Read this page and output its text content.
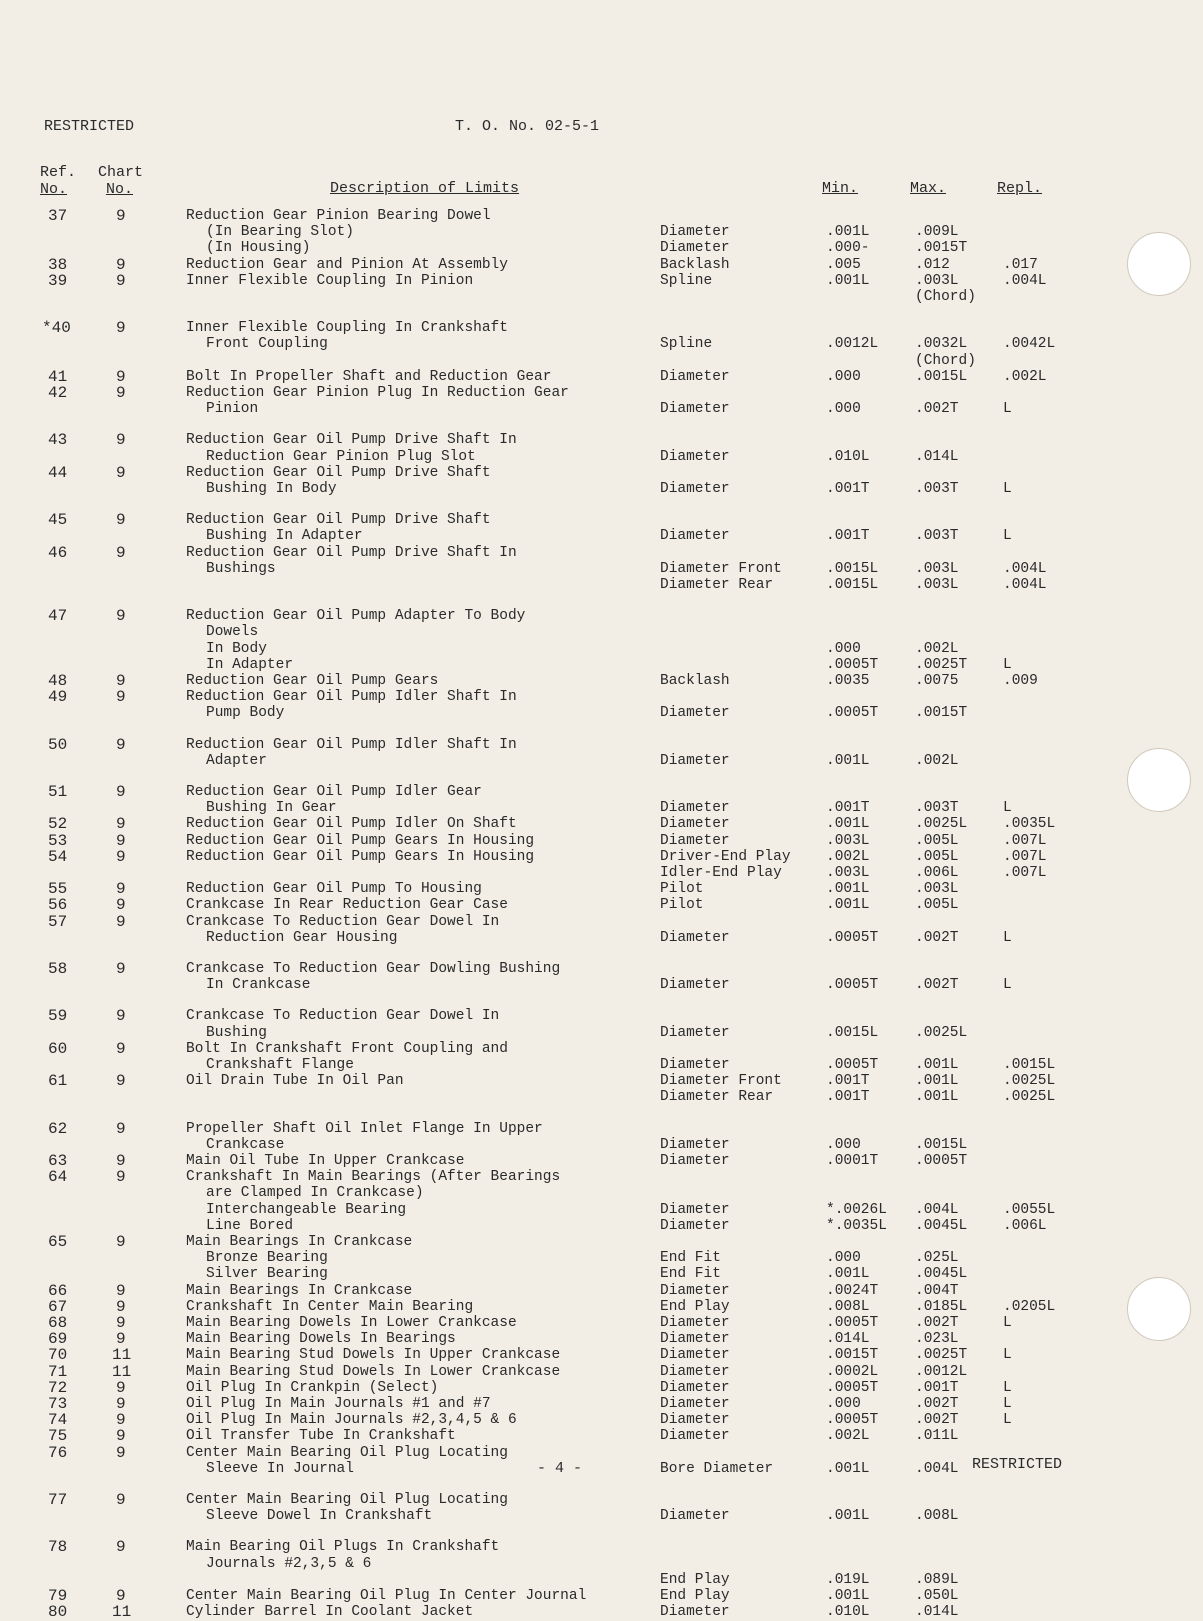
RESTRICTED	T. O. No. 02-5-1
Ref.
No.
Chart
No.	Description of Limits	Min.	Max.	Repl.
37	9	Reduction Gear Pinion Bearing Dowel
(In Bearing Slot)	Diameter	.001L	.009L
(In Housing)	Diameter	.000-	.0015T
38	9	Reduction Gear and Pinion At Assembly	Backlash	.005	.012	.017
39	9	Inner Flexible Coupling In Pinion	Spline	.001L	.003L	.004L
(Chord)
*40	9	Inner Flexible Coupling In Crankshaft
Front Coupling	Spline	.0012L	.0032L .0042L
(Chord)
41	9	Bolt In Propeller Shaft and Reduction Gear	Diameter	.000	.0015L .002L
42	9	Reduction Gear Pinion Plug In Reduction Gear
Pinion	Diameter	.000	.002T	L
43	9	Reduction Gear Oil Pump Drive Shaft In
Reduction Gear Pinion Plug Slot	Diameter	.010L	.014L
44	9	Reduction Gear Oil Pump Drive Shaft
Bushing In Body	Diameter	.001T	.003T	L
45	9	Reduction Gear Oil Pump Drive Shaft
Bushing In Adapter	Diameter	.001T	.003T	L
46	9	Reduction Gear Oil Pump Drive Shaft In
Bushings	Diameter Front	.0015L	.003L	.004L
Diameter Rear	.0015L	.003L	.004L
47	9	Reduction Gear Oil Pump Adapter To Body
Dowels
In Body	.000	.002L
In Adapter	.0005T	.0025T L
48	9	Reduction Gear Oil Pump Gears	Backlash	.0035	.0075	.009
49	9	Reduction Gear Oil Pump Idler Shaft In
Pump Body	Diameter	.0005T	.0015T
50	9	Reduction Gear Oil Pump Idler Shaft In
Adapter	Diameter	.001L	.002L
51	9	Reduction Gear Oil Pump Idler Gear
Bushing In Gear	Diameter	.001T	.003T	L
52	9	Reduction Gear Oil Pump Idler On Shaft	Diameter	.001L	.0025L .0035L
53	9	Reduction Gear Oil Pump Gears In Housing	Diameter	.003L	.005L	.007L
54	9	Reduction Gear Oil Pump Gears In Housing	Driver-End Play .002L	.005L	.007L
Idler-End Play	.003L	.006L	.007L
55	9	Reduction Gear Oil Pump To Housing	Pilot	.001L	.003L
56	9	Crankcase In Rear Reduction Gear Case	Pilot	.001L	.005L
57	9	Crankcase To Reduction Gear Dowel In
Reduction Gear Housing	Diameter	.0005T	.002T	L
58	9	Crankcase To Reduction Gear Dowling Bushing
In Crankcase	Diameter	.0005T	.002T	L
59	9	Crankcase To Reduction Gear Dowel In
Bushing	Diameter	.0015L	.0025L
60	9	Bolt In Crankshaft Front Coupling and
Crankshaft Flange	Diameter	.0005T	.001L	.0015L
61	9	Oil Drain Tube In Oil Pan	Diameter Front	.001T	.001L	.0025L
Diameter Rear	.001T	.001L	.0025L
62	9	Propeller Shaft Oil Inlet Flange In Upper
Crankcase	Diameter	.000	.0015L
63	9	Main Oil Tube In Upper Crankcase	Diameter	.0001T	.0005T
64	9	Crankshaft In Main Bearings (After Bearings
are Clamped In Crankcase)
Interchangeable Bearing	Diameter	*.0026L .004L	.0055L
Line Bored	Diameter	*.0035L .0045L .006L
65	9	Main Bearings In Crankcase
Bronze Bearing	End Fit	.000	.025L
Silver Bearing	End Fit	.001L	.0045L
66	9	Main Bearings In Crankcase	Diameter	.0024T	.004T
67	9	Crankshaft In Center Main Bearing	End Play	.008L	.0185L .0205L
68	9	Main Bearing Dowels In Lower Crankcase	Diameter	.0005T	.002T	L
69	9	Main Bearing Dowels In Bearings	Diameter	.014L	.023L
70	11	Main Bearing Stud Dowels In Upper Crankcase	Diameter	.0015T	.0025T L
71	11	Main Bearing Stud Dowels In Lower Crankcase	Diameter	.0002L	.0012L
72	9	Oil Plug In Crankpin (Select)	Diameter	.0005T	.001T	L
73	9	Oil Plug In Main Journals #1 and #7	Diameter	.000	.002T	L
74	9	Oil Plug In Main Journals #2,3,4,5 & 6	Diameter	.0005T	.002T	L
75	9	Oil Transfer Tube In Crankshaft	Diameter	.002L	.011L
76	9	Center Main Bearing Oil Plug Locating
Sleeve In Journal	Bore Diameter	.001L	.004L
77	9	Center Main Bearing Oil Plug Locating
Sleeve Dowel In Crankshaft	Diameter	.001L	.008L
78	9	Main Bearing Oil Plugs In Crankshaft
Journals #2,3,5 & 6
End Play	.019L	.089L
79	9	Center Main Bearing Oil Plug In Center Journal	End Play	.001L	.050L
80	11	Cylinder Barrel In Coolant Jacket	Diameter	.010L	.014L
- 4 -	RESTRICTED
